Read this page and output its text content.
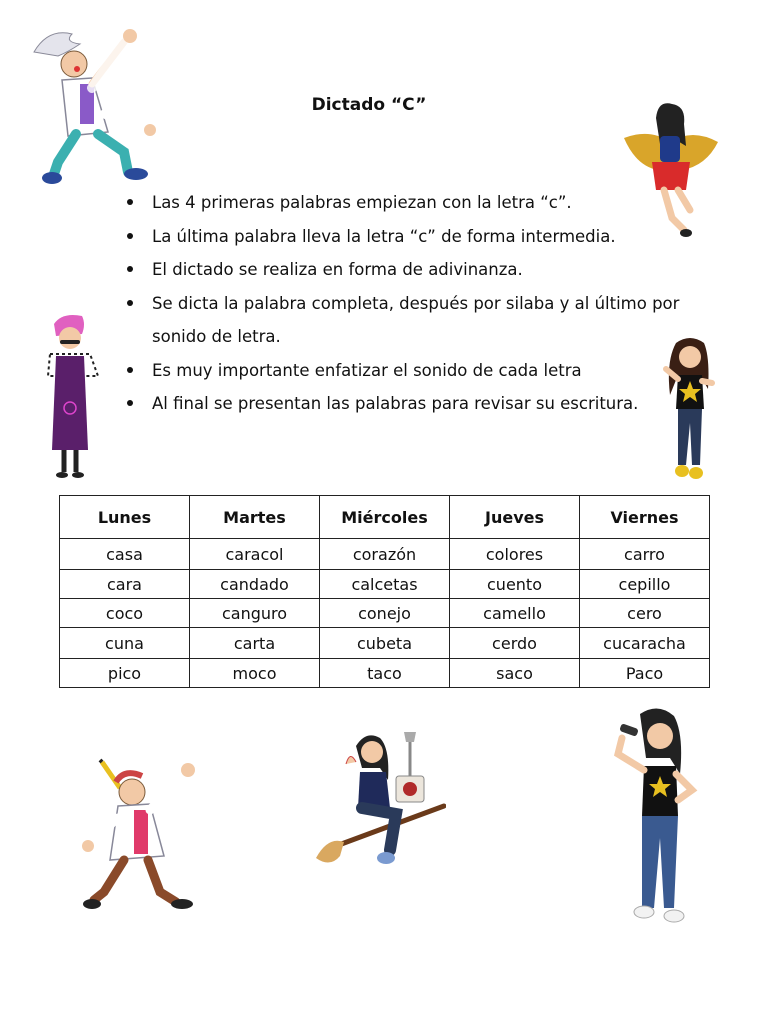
Dictado “C”
Las 4 primeras palabras empiezan con la letra “c”.
La última palabra lleva la letra “c” de forma intermedia.
El dictado se realiza en forma de adivinanza.
Se dicta la palabra completa, después por silaba y al último por sonido de letra.
Es muy importante enfatizar el sonido de cada letra
Al final se presentan las palabras para revisar su escritura.
Lunes	Martes	Miércoles	Jueves	Viernes
casa	caracol	corazón	colores	carro
cara	candado	calcetas	cuento	cepillo
coco	canguro	conejo	camello	cero
cuna	carta	cubeta	cerdo	cucaracha
pico	moco	taco	saco	Paco
